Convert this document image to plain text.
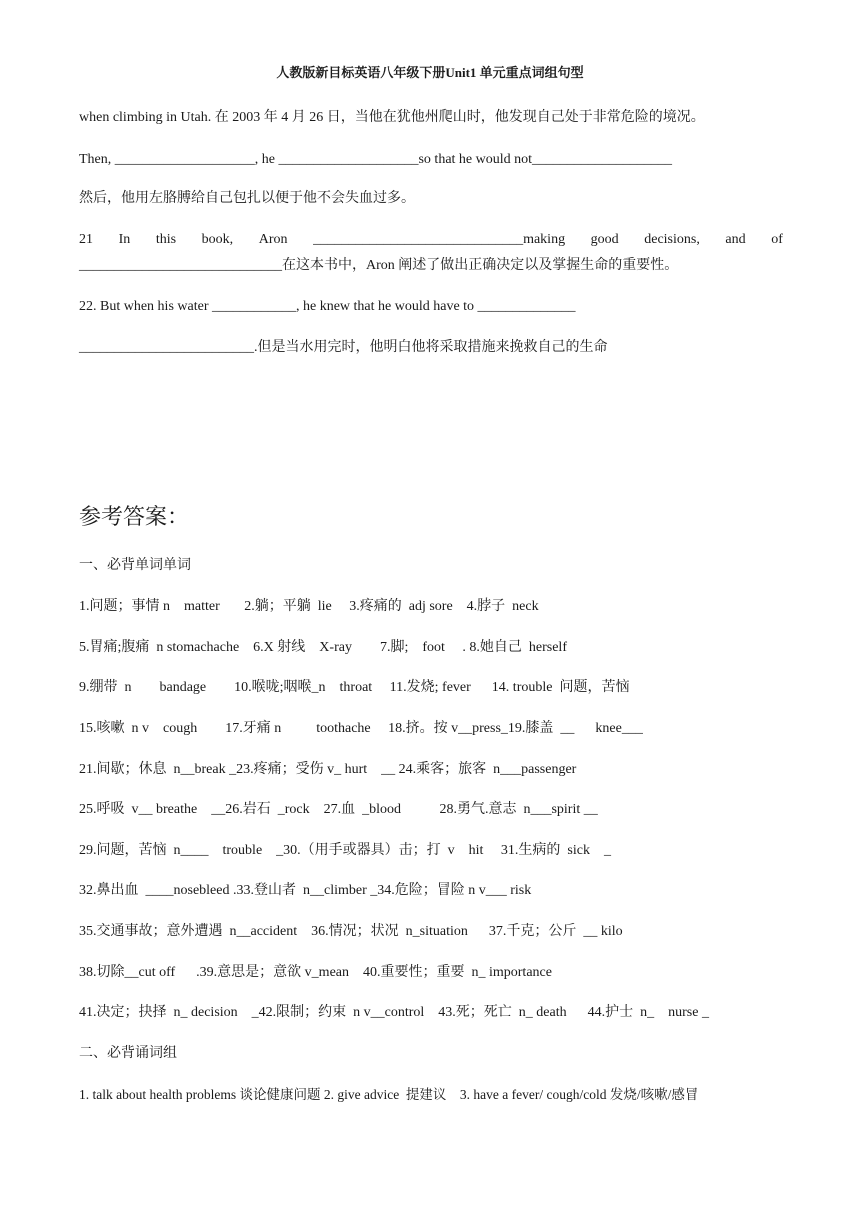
人教版新目标英语八年级下册Unit1 单元重点词组句型
when climbing in Utah. 在 2003 年 4 月 26 日，当他在犹他州爬山时，他发现自己处于非常危险的境况。
Then, ____________________, he ____________________so that he would not____________________
然后，他用左胳膊给自己包扎以便于他不会失血过多。
21 In this book, Aron ______________________________making good decisions, and of
_____________________________在这本书中，Aron 阐述了做出正确决定以及掌握生命的重要性。
22. But when his water ____________, he knew that he would have to ______________
_________________________.但是当水用完时，他明白他将采取措施来挽救自己的生命
参考答案：
一、必背单词单词
1.问题；事情 n    matter       2.躺；平躺  lie     3.疼痛的  adj sore    4.脖子  neck
5.胃痛;腹痛  n stomachache    6.X 射线    X-ray        7.脚;    foot     . 8.她自己  herself
9.绷带  n        bandage        10.喉咙;咽喉_n    throat     11.发烧; fever      14. trouble  问题，苦恼
15.咳嗽  n v    cough        17.牙痛 n          toothache     18.挤。按 v__press_19.膝盖  __      knee___
21.间歇；休息  n__break _23.疼痛；受伤 v_ hurt    __ 24.乘客；旅客  n___passenger
25.呼吸  v__ breathe    __26.岩石  _rock    27.血  _blood           28.勇气.意志  n___spirit __
29.问题，苦恼  n____    trouble    _30.（用手或器具）击；打  v    hit     31.生病的  sick    _
32.鼻出血  ____nosebleed .33.登山者  n__climber _34.危险；冒险 n v___ risk
35.交通事故；意外遭遇  n__accident    36.情况；状况  n_situation      37.千克；公斤  __ kilo
38.切除__cut off      .39.意思是；意欲 v_mean    40.重要性；重要  n_ importance
41.决定；抉择  n_ decision    _42.限制；约束  n v__control    43.死；死亡  n_ death      44.护士  n_    nurse _
二、必背诵词组
1. talk about health problems 谈论健康问题 2. give advice  提建议    3. have a fever/ cough/cold 发烧/咳嗽/感冒
